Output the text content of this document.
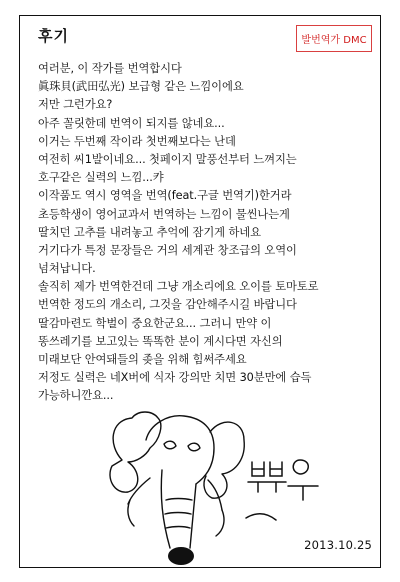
후기	발번역가 DMC
여러분, 이 작가를 번역합시다
眞珠貝(武田弘光) 보급형 같은 느낌이에요
저만 그런가요?
아주 꼴릿한데 번역이 되지를 않네요...
이거는 두번째 작이라 첫번째보다는 난데
여전히 씨1발이네요... 첫페이지 말풍선부터 느껴지는
호구같은 실력의 느낌...캬
이작품도 역시 영역을 번역(feat.구글 번역기)한거라
초등학생이 영어교과서 번역하는 느낌이 물씬나는게
딸치던 고추를 내려놓고 추억에 잠기게 하네요
거기다가 특정 문장들은 거의 세계관 창조급의 오역이
넘쳐납니다.
솔직히 제가 번역한건데 그냥 개소리에요 오이를 토마토로
번역한 정도의 개소리, 그것을 감안해주시길 바랍니다
딸감마련도 학벌이 중요한군요... 그러니 만약 이
똥쓰레기를 보고있는 똑똑한 분이 계시다면 자신의
미래보단 안여돼들의 좆을 위해 힘써주세요
저정도 실력은 네X버에 식자 강의만 치면 30분만에 습득
가능하니깐요...
2013.10.25
